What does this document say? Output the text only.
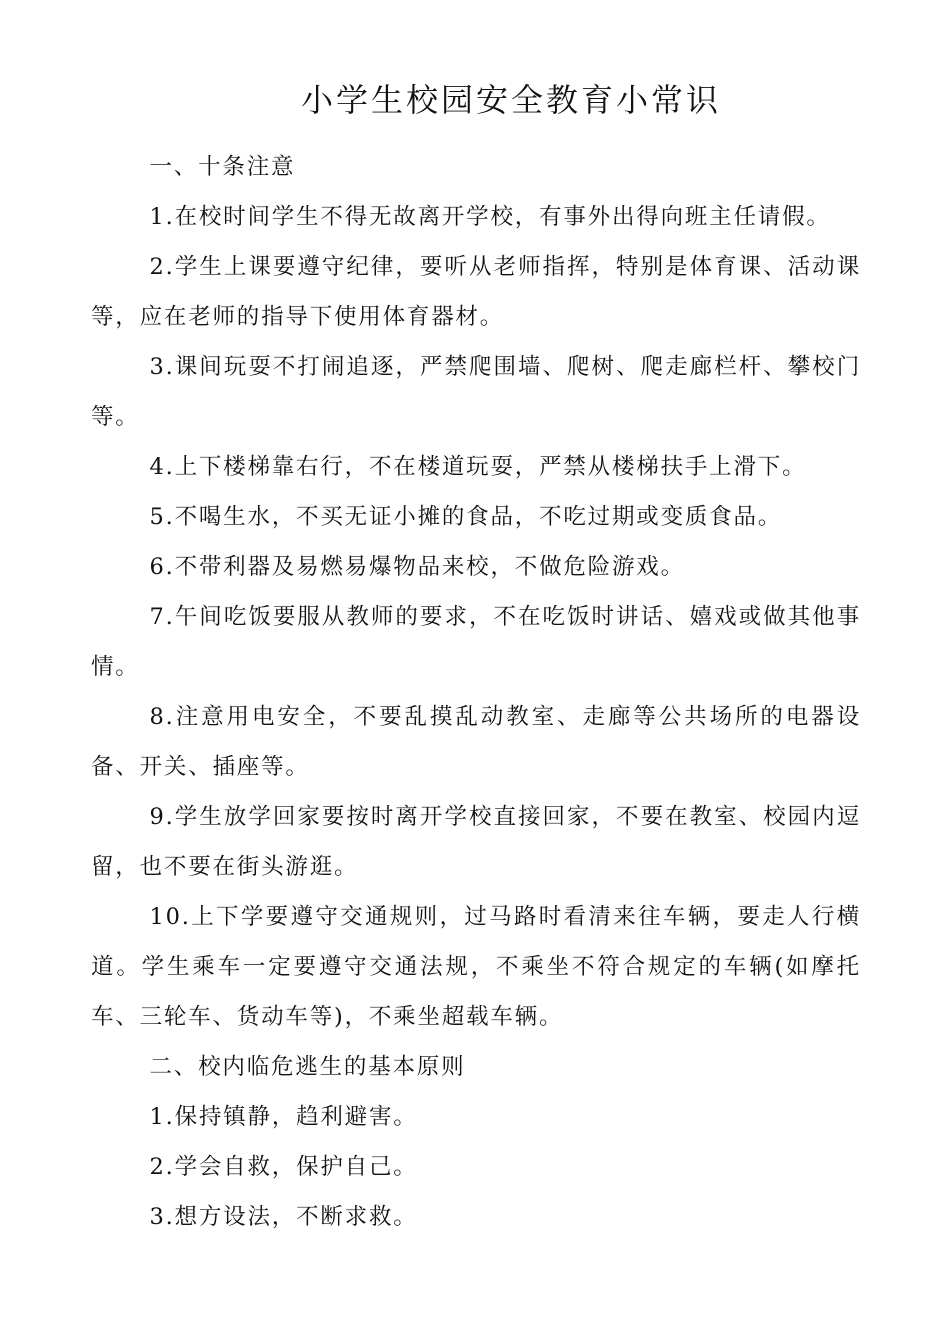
小学生校园安全教育小常识

一、十条注意

1.在校时间学生不得无故离开学校，有事外出得向班主任请假。

2.学生上课要遵守纪律，要听从老师指挥，特别是体育课、活动课等，应在老师的指导下使用体育器材。

3.课间玩耍不打闹追逐，严禁爬围墙、爬树、爬走廊栏杆、攀校门等。

4.上下楼梯靠右行，不在楼道玩耍，严禁从楼梯扶手上滑下。

5.不喝生水，不买无证小摊的食品，不吃过期或变质食品。

6.不带利器及易燃易爆物品来校，不做危险游戏。

7.午间吃饭要服从教师的要求，不在吃饭时讲话、嬉戏或做其他事情。

8.注意用电安全，不要乱摸乱动教室、走廊等公共场所的电器设备、开关、插座等。

9.学生放学回家要按时离开学校直接回家，不要在教室、校园内逗留，也不要在街头游逛。

10.上下学要遵守交通规则，过马路时看清来往车辆，要走人行横道。学生乘车一定要遵守交通法规，不乘坐不符合规定的车辆(如摩托车、三轮车、货动车等)，不乘坐超载车辆。

二、校内临危逃生的基本原则

1.保持镇静，趋利避害。

2.学会自救，保护自己。

3.想方设法，不断求救。
